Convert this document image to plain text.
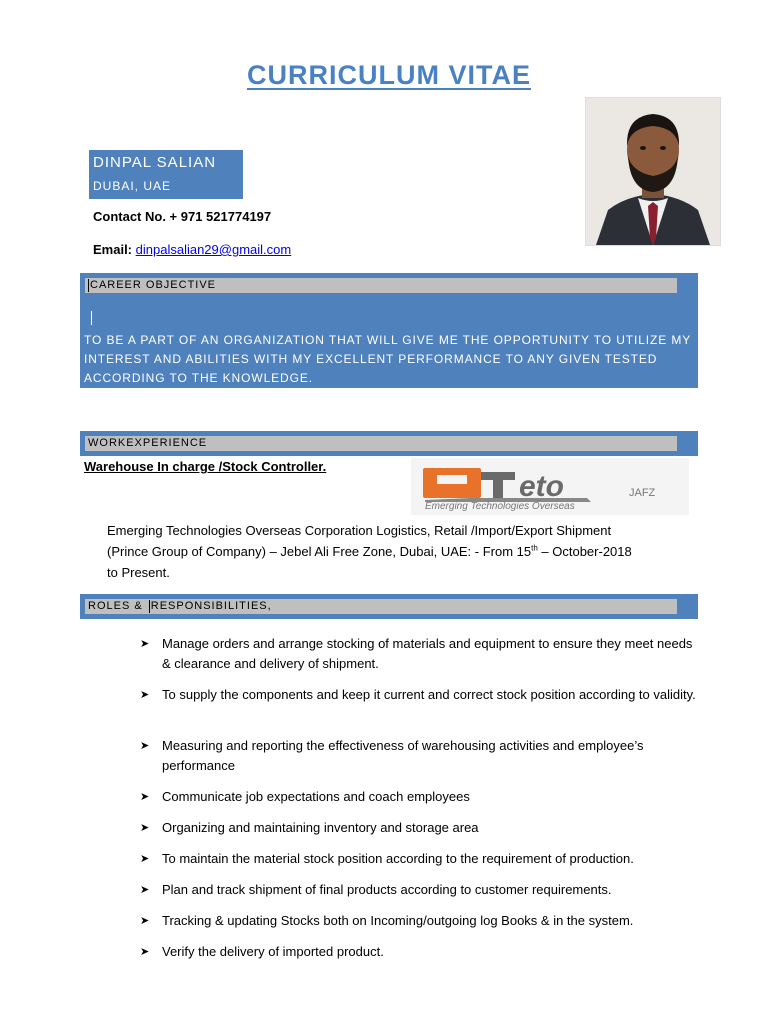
CURRICULUM VITAE
DINPAL SALIAN
DUBAI, UAE
Contact No. + 971 521774197
Email: dinpalsalian29@gmail.com
CAREER OBJECTIVE
TO BE A PART OF AN ORGANIZATION THAT WILL GIVE ME THE OPPORTUNITY TO UTILIZE MY INTEREST AND ABILITIES WITH MY EXCELLENT PERFORMANCE TO ANY GIVEN TESTED ACCORDING TO THE KNOWLEDGE.
WORKEXPERIENCE
Warehouse In charge /Stock Controller.
eto	JAFZ
Emerging Technologies Overseas
Emerging Technologies Overseas Corporation Logistics, Retail /Import/Export Shipment
(Prince Group of Company) – Jebel Ali Free Zone, Dubai, UAE: - From 15th – October-2018
to Present.
ROLES & RESPONSIBILITIES,
➤ Manage orders and arrange stocking of materials and equipment to ensure they meet needs & clearance and delivery of shipment.
➤ To supply the components and keep it current and correct stock position according to validity.
➤ Measuring and reporting the effectiveness of warehousing activities and employee’s performance
➤ Communicate job expectations and coach employees
➤ Organizing and maintaining inventory and storage area
➤ To maintain the material stock position according to the requirement of production.
➤ Plan and track shipment of final products according to customer requirements.
➤ Tracking & updating Stocks both on Incoming/outgoing log Books & in the system.
➤ Verify the delivery of imported product.
